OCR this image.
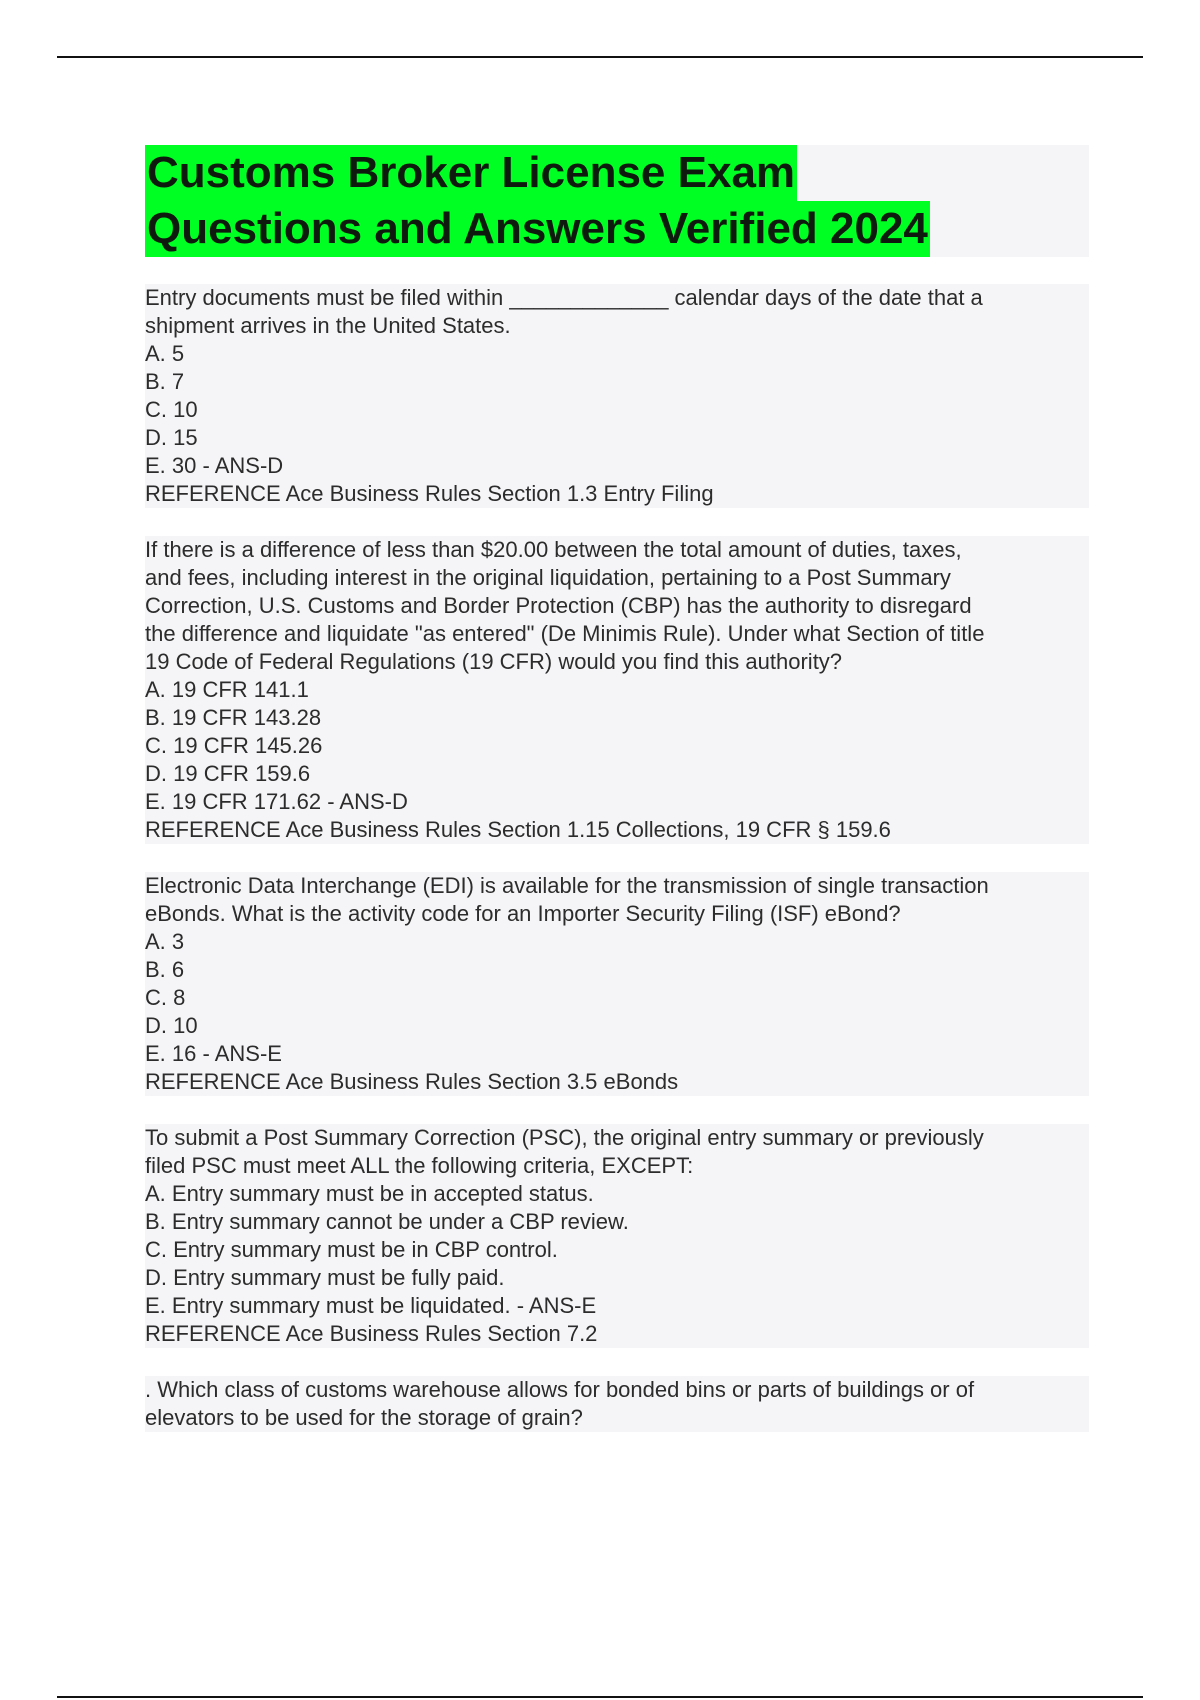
Customs Broker License Exam
Questions and Answers Verified 2024
Entry documents must be filed within _____________ calendar days of the date that a
shipment arrives in the United States.
A. 5
B. 7
C. 10
D. 15
E. 30 - ANS-D
REFERENCE Ace Business Rules Section 1.3 Entry Filing
If there is a difference of less than $20.00 between the total amount of duties, taxes,
and fees, including interest in the original liquidation, pertaining to a Post Summary
Correction, U.S. Customs and Border Protection (CBP) has the authority to disregard
the difference and liquidate "as entered" (De Minimis Rule). Under what Section of title
19 Code of Federal Regulations (19 CFR) would you find this authority?
A. 19 CFR 141.1
B. 19 CFR 143.28
C. 19 CFR 145.26
D. 19 CFR 159.6
E. 19 CFR 171.62 - ANS-D
REFERENCE Ace Business Rules Section 1.15 Collections, 19 CFR § 159.6
Electronic Data Interchange (EDI) is available for the transmission of single transaction
eBonds. What is the activity code for an Importer Security Filing (ISF) eBond?
A. 3
B. 6
C. 8
D. 10
E. 16 - ANS-E
REFERENCE Ace Business Rules Section 3.5 eBonds
To submit a Post Summary Correction (PSC), the original entry summary or previously
filed PSC must meet ALL the following criteria, EXCEPT:
A. Entry summary must be in accepted status.
B. Entry summary cannot be under a CBP review.
C. Entry summary must be in CBP control.
D. Entry summary must be fully paid.
E. Entry summary must be liquidated. - ANS-E
REFERENCE Ace Business Rules Section 7.2
. Which class of customs warehouse allows for bonded bins or parts of buildings or of
elevators to be used for the storage of grain?
